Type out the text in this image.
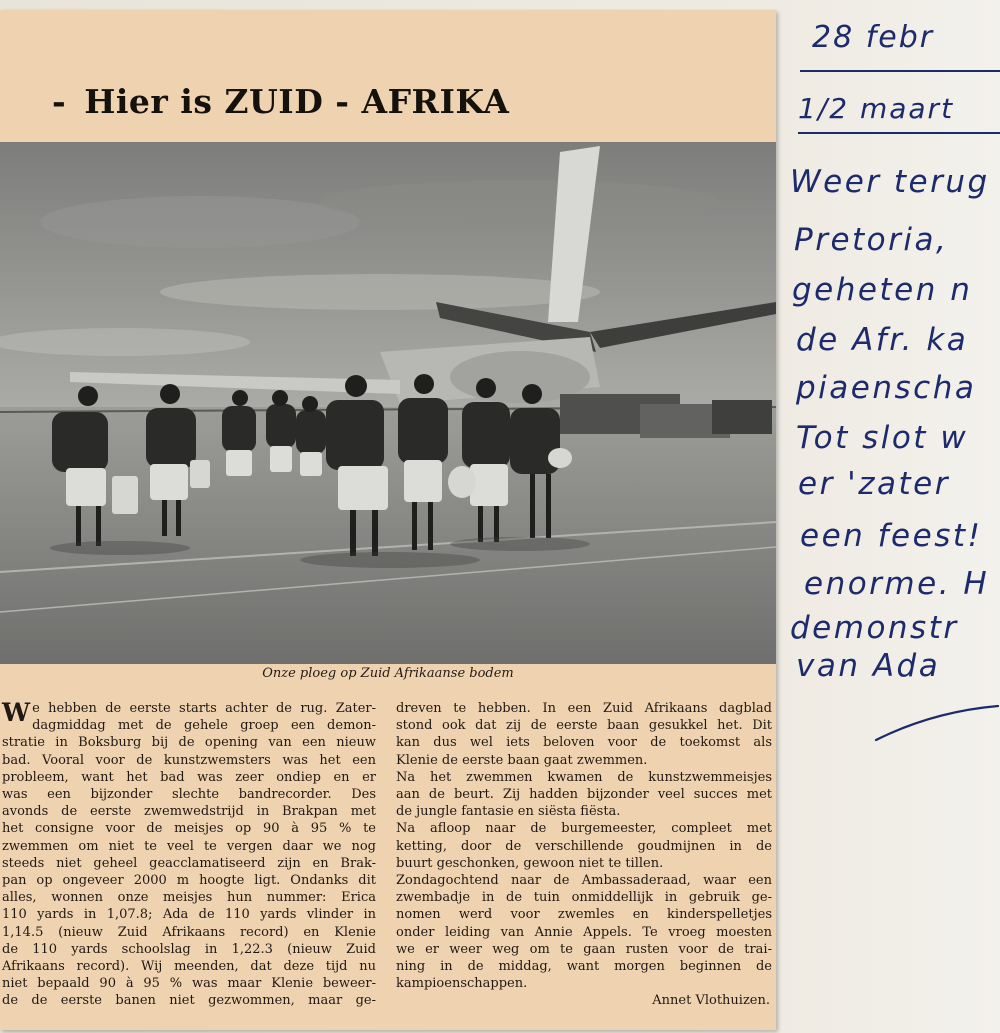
- Hier is ZUID - AFRIKA
Onze ploeg op Zuid Afrikaanse bodem
W e hebben de eerste starts achter de rug. Zater-
dagmiddag met de gehele groep een demon-
stratie in Boksburg bij de opening van een nieuw
bad. Vooral voor de kunstzwemsters was het een
probleem, want het bad was zeer ondiep en er
was een bijzonder slechte bandrecorder. Des
avonds de eerste zwemwedstrijd in Brakpan met
het consigne voor de meisjes op 90 à 95 % te
zwemmen om niet te veel te vergen daar we nog
steeds niet geheel geacclamatiseerd zijn en Brak-
pan op ongeveer 2000 m hoogte ligt. Ondanks dit
alles, wonnen onze meisjes hun nummer: Erica
110 yards in 1,07.8; Ada de 110 yards vlinder in
1,14.5 (nieuw Zuid Afrikaans record) en Klenie
de 110 yards schoolslag in 1,22.3 (nieuw Zuid
Afrikaans record). Wij meenden, dat deze tijd nu
niet bepaald 90 à 95 % was maar Klenie beweer-
de de eerste banen niet gezwommen, maar ge-
dreven te hebben. In een Zuid Afrikaans dagblad
stond ook dat zij de eerste baan gesukkel het. Dit
kan dus wel iets beloven voor de toekomst als
Klenie de eerste baan gaat zwemmen.
Na het zwemmen kwamen de kunstzwemmeisjes
aan de beurt. Zij hadden bijzonder veel succes met
de jungle fantasie en siësta fiësta.
Na afloop naar de burgemeester, compleet met
ketting, door de verschillende goudmijnen in de
buurt geschonken, gewoon niet te tillen.
Zondagochtend naar de Ambassaderaad, waar een
zwembadje in de tuin onmiddellijk in gebruik ge-
nomen werd voor zwemles en kinderspelletjes
onder leiding van Annie Appels. Te vroeg moesten
we er weer weg om te gaan rusten voor de trai-
ning in de middag, want morgen beginnen de
kampioenschappen.
Annet Vlothuizen.
28 febr
1/2 maart
Weer terug
Pretoria,
geheten n
de Afr. ka
piaenscha
Tot slot w
er 'zater
een feest!
enorme. H
demonstr
van Ada
